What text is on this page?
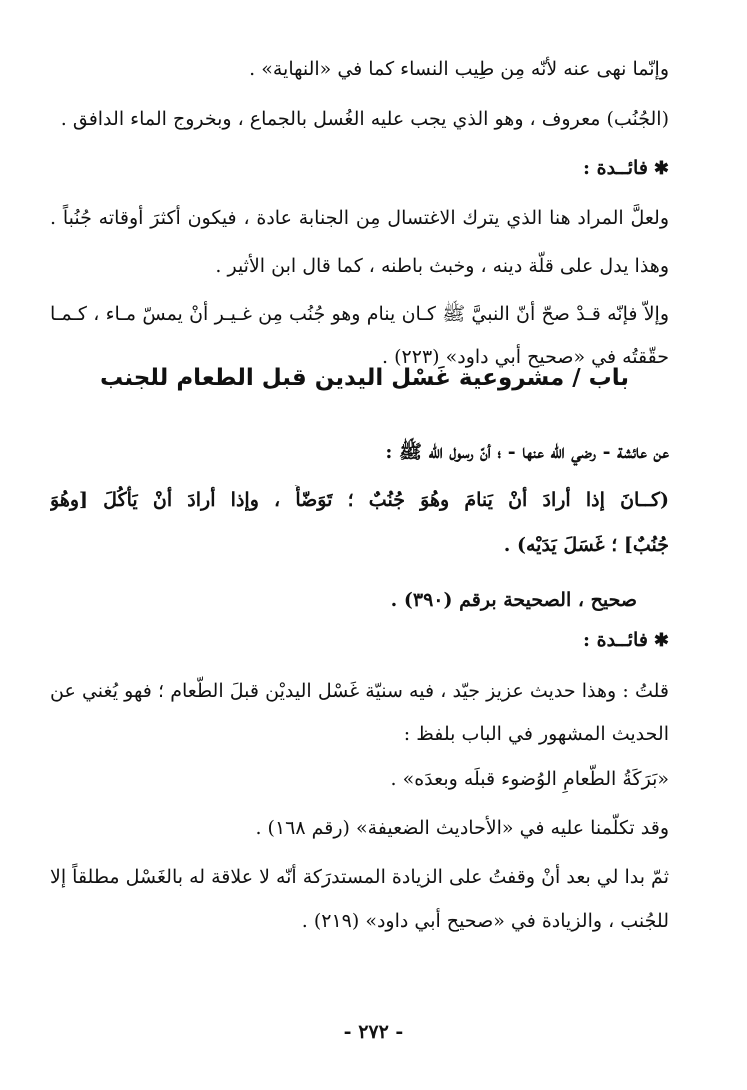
وإنّما نهى عنه لأنّه مِن طِيب النساء كما في «النهاية» .
(الجُنُب) معروف ، وهو الذي يجب عليه الغُسل بالجماع ، وبخروج الماء الدافق .
✱فائــدة :
ولعلَّ المراد هنا الذي يترك الاغتسال مِن الجنابة عادة ، فيكون أكثرَ أوقاته جُنُباً .
وهذا يدل على قلّة دينه ، وخبث باطنه ، كما قال ابن الأثير .
وإلاّ فإنّه قـدْ صحّ أنّ النبيَّ ﷺ كـان ينام وهو جُنُب مِن غـيـر أنْ يمسّ مـاء ، كـمـا
حقّقتُه في «صحيح أبي داود» (٢٢٣) .
باب / مشروعية غَسْل اليدين قبل الطعام للجنب
عن عائشة - رضي اللّه عنها - ؛ أنّ رسول الله ﷺ :
(كــانَ إذا أرادَ أنْ يَنامَ وهُوَ جُنُبٌ ؛ تَوَضّأَ ، وإذا أرادَ أنْ يَأْكُلَ [وهُوَ
جُنُبٌ] ؛ غَسَلَ يَدَيْه) .
صحيح ، الصحيحة برقم (٣٩٠) .
✱فائــدة :
قلتُ : وهذا حديث عزيز جيّد ، فيه سنيّة غَسْل اليديْن قبلَ الطّعام ؛ فهو يُغني عن
الحديث المشهور في الباب بلفظ :
«بَرَكَةُ الطّعامِ الوُضوء قبلَه وبعدَه» .
وقد تكلّمنا عليه في «الأحاديث الضعيفة» (رقم ١٦٨) .
ثمّ بدا لي بعد أنْ وقفتُ على الزيادة المستدرَكة أنّه لا علاقة له بالغَسْل مطلقاً إلا
للجُنب ، والزيادة في «صحيح أبي داود» (٢١٩) .
- ٢٧٢ -
